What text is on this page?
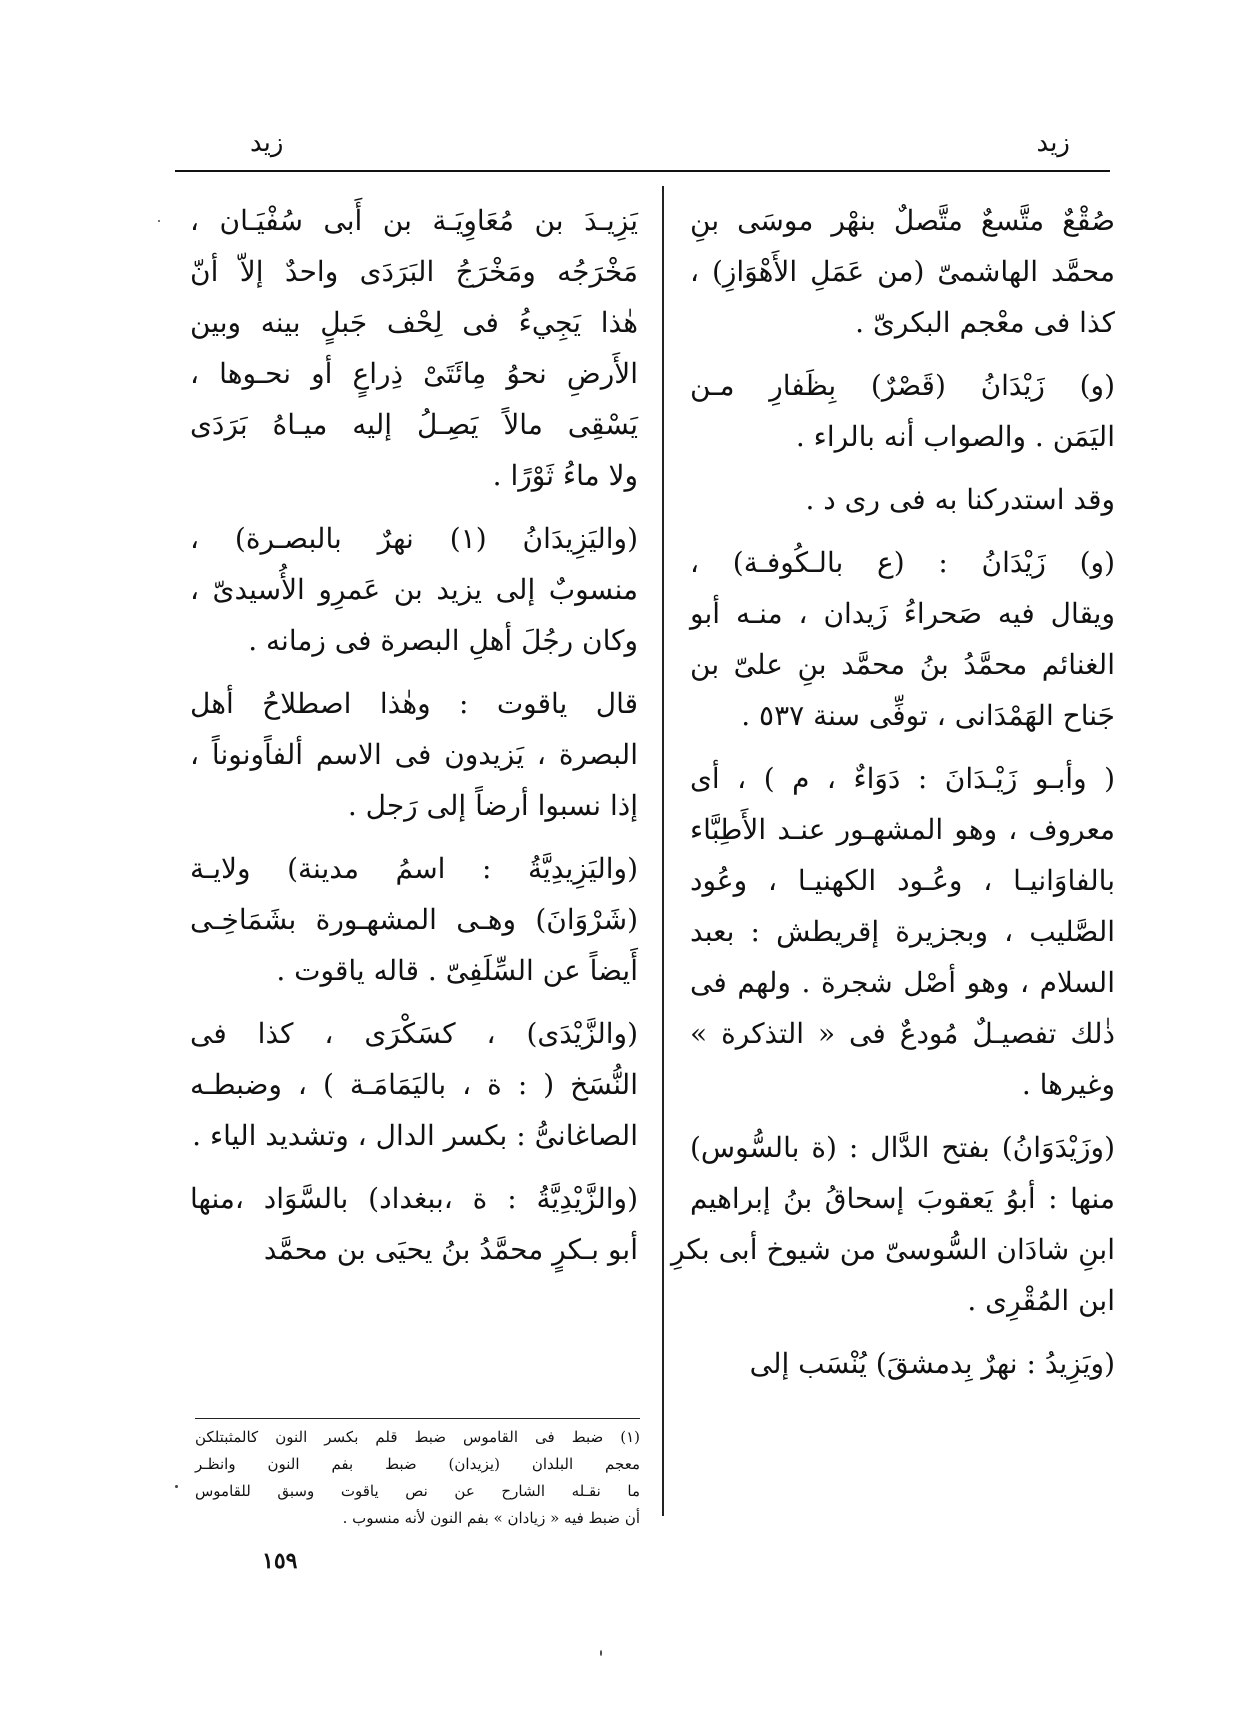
زيد	زيد
صُقْعٌ متَّسعٌ متَّصلٌ بنهْر موسَى بنِ
محمَّد الهاشمىّ (من عَمَلِ الأَهْوَازِ) ،
كذا فى معْجم البكرىّ .
(و) زَيْدَانُ (قَصْرٌ) بِظَفارِ مـن
اليَمَن . والصواب أنه بالراء .
وقد استدركنا به فى رى د .
(و) زَيْدَانُ : (ع بالـكُوفـة) ،
ويقال فيه صَحراءُ زَيدان ، منـه أبو
الغنائم محمَّدُ بنُ محمَّد بنِ علىّ بن
جَناح الهَمْدَانى ، توفِّى سنة ٥٣٧ .
( وأبـو زَيْـدَانَ : دَوَاءٌ ، م ) ، أى
معروف ، وهو المشهـور عنـد الأَطِبَّاء
بالفاوَانيـا ، وعُـود الكهنيـا ، وعُود
الصَّليب ، وبجزيرة إقريطش : بعبد
السلام ، وهو أصْل شجرة . ولهم فى
ذٰلك تفصيـلٌ مُودعٌ فى « التذكرة »
وغيرها .
(وزَيْدَوَانُ) بفتح الدَّال : (ة بالسُّوس)
منها : أبوُ يَعقوبَ إسحاقُ بنُ إبراهيم
ابنِ شادَان السُّوسىّ من شيوخ أبى بكرِ
ابن المُقْرِى .
(ويَزِيدُ : نهرٌ بِدمشقَ) يُنْسَب إلى
يَزِيـدَ بن مُعَاوِيَـة بن أَبى سُفْيَـان ،
مَخْرَجُه ومَخْرَجُ البَرَدَى واحدٌ إلاّ أنّ
هٰذا يَجِيءُ فى لِحْف جَبلٍ بينه وبين
الأَرضِ نحوُ مِائَتَىْ ذِراعٍ أو نحـوها ،
يَسْقِى مالاً يَصِـلُ إليه ميـاهُ بَرَدَى
ولا ماءُ ثَوْرًا .
(واليَزِيدَانُ (١) نهرٌ بالبصـرة) ،
منسوبٌ إلى يزيد بن عَمرِو الأُسيدىّ ،
وكان رجُلَ أهلِ البصرة فى زمانه .
قال ياقوت : وهٰذا اصطلاحُ أهل
البصرة ، يَزيدون فى الاسم ألفاًونوناً ،
إذا نسبوا أرضاً إلى رَجل .
(واليَزِيدِيَّةُ : اسمُ مدينة) ولايـة
(شَرْوَانَ) وهـى المشهـورة بشَمَاخِـى
أَيضاً عن السِّلَفِىّ . قاله ياقوت .
(والزَّيْدَى) ، كسَكْرَى ، كذا فى
النُّسَخ ( : ة ، باليَمَامَـة ) ، وضبطـه
الصاغانىُّ : بكسر الدال ، وتشديد الياء .
(والزَّيْدِيَّةُ : ة ،ببغداد) بالسَّوَاد ،منها
أبو بـكرٍ محمَّدُ بنُ يحيَى بن محمَّد
(١) ضبط فى القاموس ضبط قلم بكسر النون كالمثبتلكن
معجم البلدان (يزيدان) ضبط بفم النون وانظـر
ما نقـله الشارح عن نص ياقوت وسبق للقاموس
أن ضبط فيه « زيادان » بفم النون لأنه منسوب .
١٥٩
